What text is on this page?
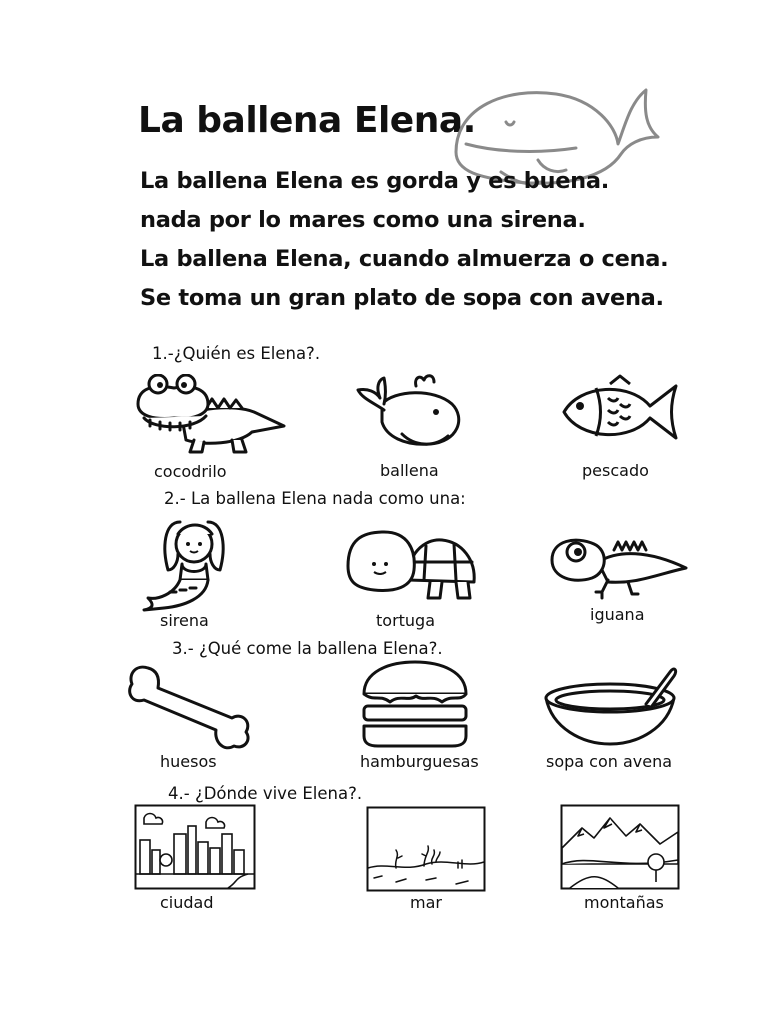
La ballena Elena.
La ballena Elena es gorda y es buena.
nada por lo mares como una sirena.
La ballena Elena, cuando almuerza o cena.
Se toma un gran plato de sopa con avena.
1.-¿Quién es Elena?.
cocodrilo	ballena	pescado
2.- La ballena Elena nada como una:
sirena	tortuga	iguana
3.- ¿Qué come la ballena Elena?.
huesos	hamburguesas	sopa con avena
4.- ¿Dónde vive Elena?.
ciudad	mar	montañas
